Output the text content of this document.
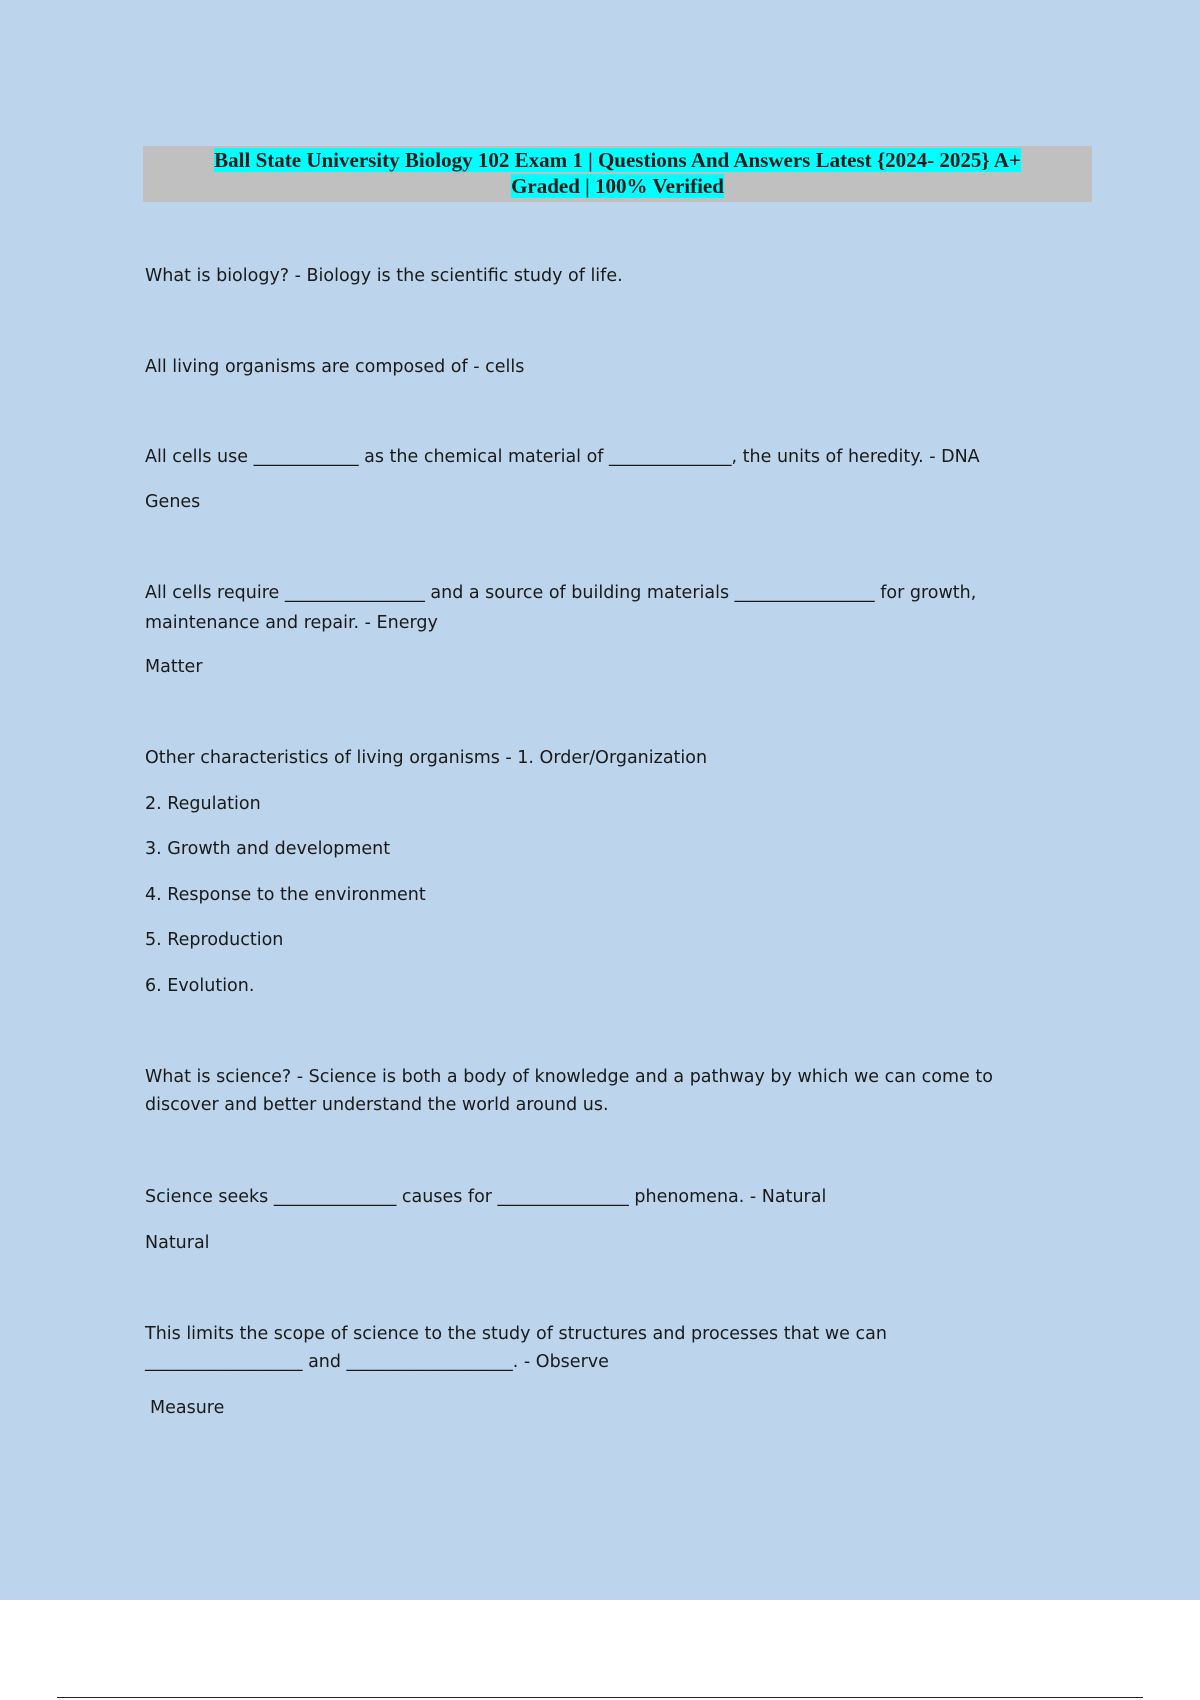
Ball State University Biology 102 Exam 1 | Questions And Answers Latest {2024- 2025} A+
Graded | 100% Verified

What is biology? - Biology is the scientific study of life.

All living organisms are composed of - cells

All cells use ____________ as the chemical material of ______________, the units of heredity. - DNA

Genes

All cells require ________________ and a source of building materials ________________ for growth,

maintenance and repair. - Energy

Matter

Other characteristics of living organisms - 1. Order/Organization

2. Regulation

3. Growth and development

4. Response to the environment

5. Reproduction

6. Evolution.

What is science? - Science is both a body of knowledge and a pathway by which we can come to

discover and better understand the world around us.

Science seeks ______________ causes for _______________ phenomena. - Natural

Natural

This limits the scope of science to the study of structures and processes that we can

__________________ and ___________________. - Observe

Measure
